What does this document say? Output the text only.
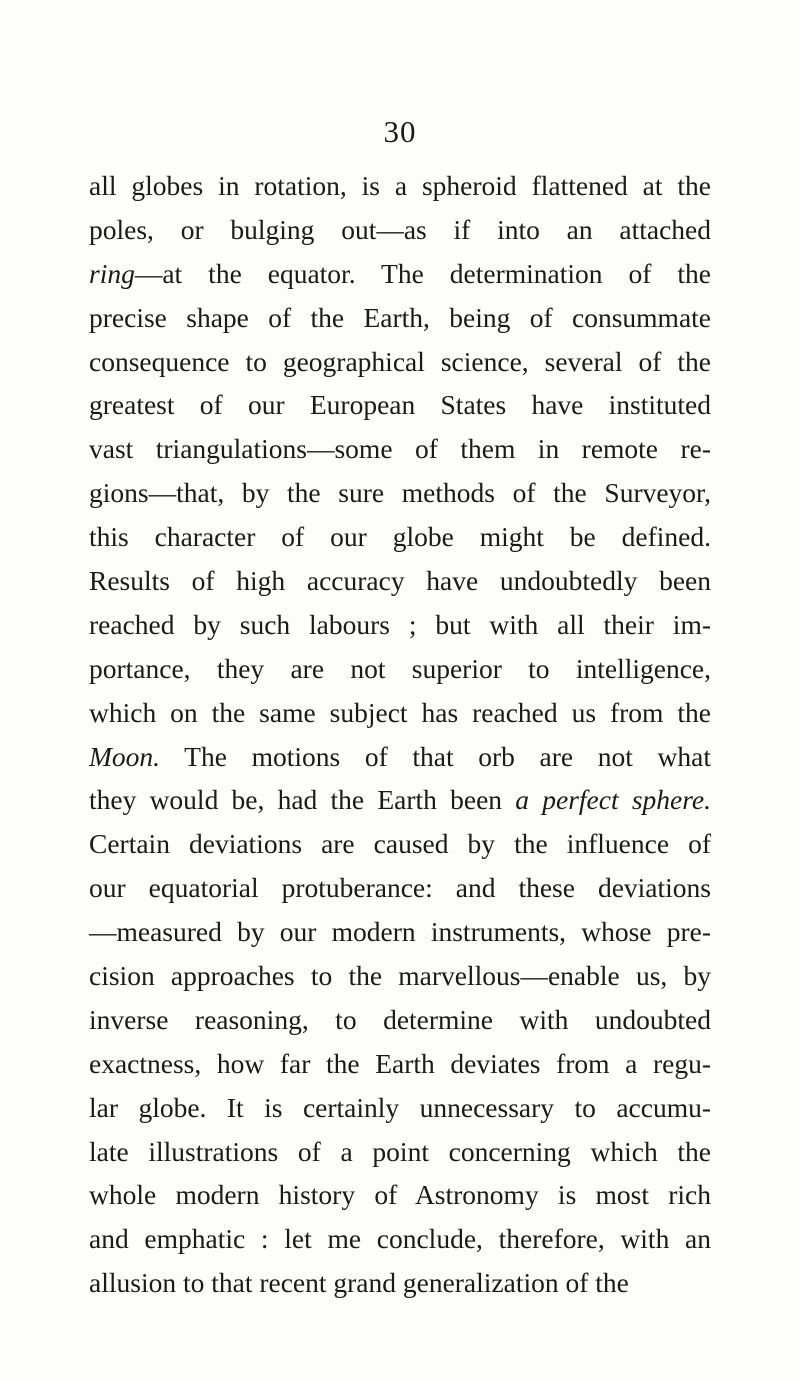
30
all globes in rotation, is a spheroid flattened at the
poles, or bulging out—as if into an attached
ring—at the equator. The determination of the
precise shape of the Earth, being of consummate
consequence to geographical science, several of the
greatest of our European States have instituted
vast triangulations—some of them in remote re-
gions—that, by the sure methods of the Surveyor,
this character of our globe might be defined.
Results of high accuracy have undoubtedly been
reached by such labours ; but with all their im-
portance, they are not superior to intelligence,
which on the same subject has reached us from the
Moon. The motions of that orb are not what
they would be, had the Earth been a perfect sphere.
Certain deviations are caused by the influence of
our equatorial protuberance: and these deviations
—measured by our modern instruments, whose pre-
cision approaches to the marvellous—enable us, by
inverse reasoning, to determine with undoubted
exactness, how far the Earth deviates from a regu-
lar globe. It is certainly unnecessary to accumu-
late illustrations of a point concerning which the
whole modern history of Astronomy is most rich
and emphatic : let me conclude, therefore, with an
allusion to that recent grand generalization of the
